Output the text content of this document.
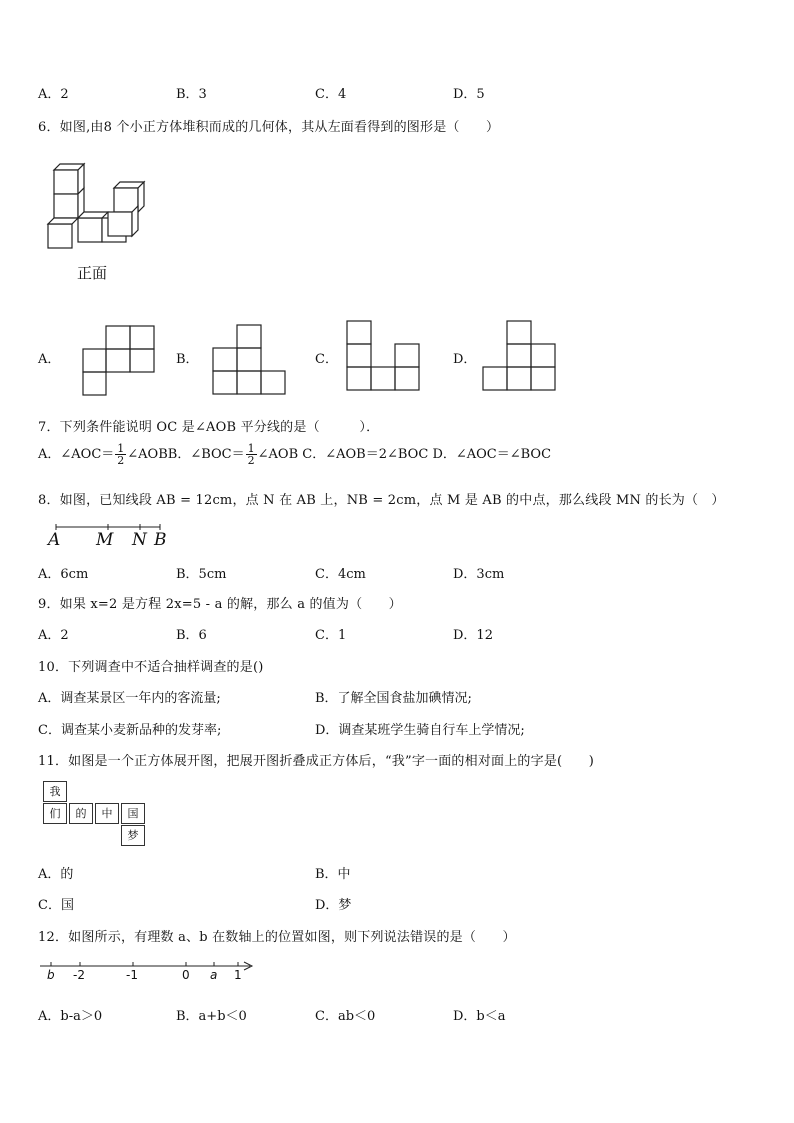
A．2	B．3	C．4	D．5
6．如图,由8 个小正方体堆积而成的几何体，其从左面看得到的图形是（　　）
正面
A．	B．	C．	D．
7．下列条件能说明 OC 是∠AOB 平分线的是（　　　）．
A．∠AOC＝ $\frac{1}{2}$ ∠AOBB．∠BOC＝ $\frac{1}{2}$ ∠AOB C．∠AOB＝2∠BOC D．∠AOC＝∠BOC
8．如图，已知线段 AB = 12cm，点 N 在 AB 上，NB = 2cm，点 M 是 AB 的中点，那么线段 MN 的长为（　）
A M N B
A．6cm	B．5cm	C．4cm	D．3cm
9．如果 x=2 是方程 2x=5 - a 的解，那么 a 的值为（　　）
A．2	B．6	C．1	D．12
10．下列调查中不适合抽样调查的是()
A．调查某景区一年内的客流量;	B．了解全国食盐加碘情况;
C．调查某小麦新品种的发芽率;	D．调查某班学生骑自行车上学情况;
11．如图是一个正方体展开图，把展开图折叠成正方体后，“我”字一面的相对面上的字是(　　)
我
们	的	中	国
梦
A．的	B．中
C．国	D．梦
12．如图所示，有理数 a、b 在数轴上的位置如图，则下列说法错误的是（　　）
b -2	-1	0 a 1
A．b-a＞0	B．a+b＜0	C．ab＜0	D．b＜a
